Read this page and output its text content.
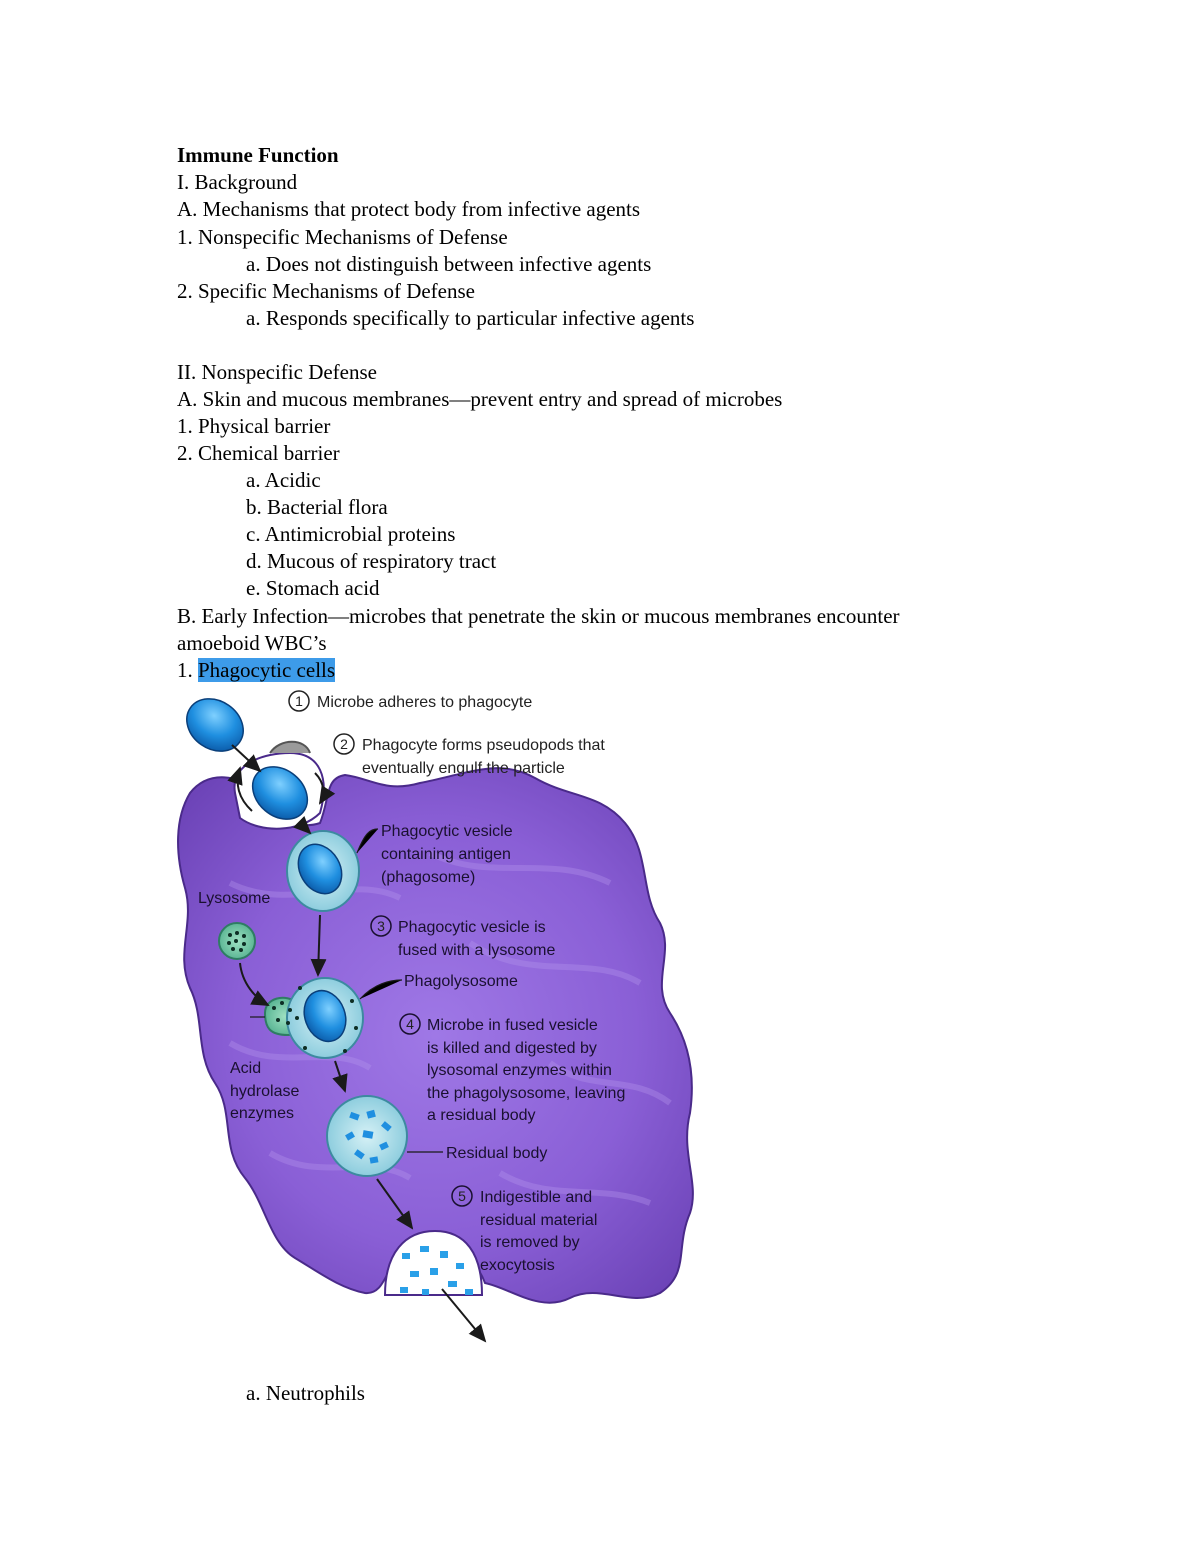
Immune Function
I. Background
A. Mechanisms that protect body from infective agents
1. Nonspecific Mechanisms of Defense
a. Does not distinguish between infective agents
2. Specific Mechanisms of Defense
a. Responds specifically to particular infective agents
II. Nonspecific Defense
A. Skin and mucous membranes—prevent entry and spread of microbes
1. Physical barrier
2. Chemical barrier
a. Acidic
b. Bacterial flora
c. Antimicrobial proteins
d. Mucous of respiratory tract
e. Stomach acid
B. Early Infection—microbes that penetrate the skin or mucous membranes encounter
amoeboid WBC’s
1. Phagocytic cells
a. Neutrophils
1 Microbe adheres to phagocyte
2 Phagocyte forms pseudopods that
eventually engulf the particle
Phagocytic vesicle
containing antigen
(phagosome)
Lysosome
3 Phagocytic vesicle is
fused with a lysosome
Phagolysosome
4 Microbe in fused vesicle
is killed and digested by
lysosomal enzymes within
the phagolysosome, leaving
a residual body
Acid
hydrolase
enzymes
Residual body
5 Indigestible and
residual material
is removed by
exocytosis
